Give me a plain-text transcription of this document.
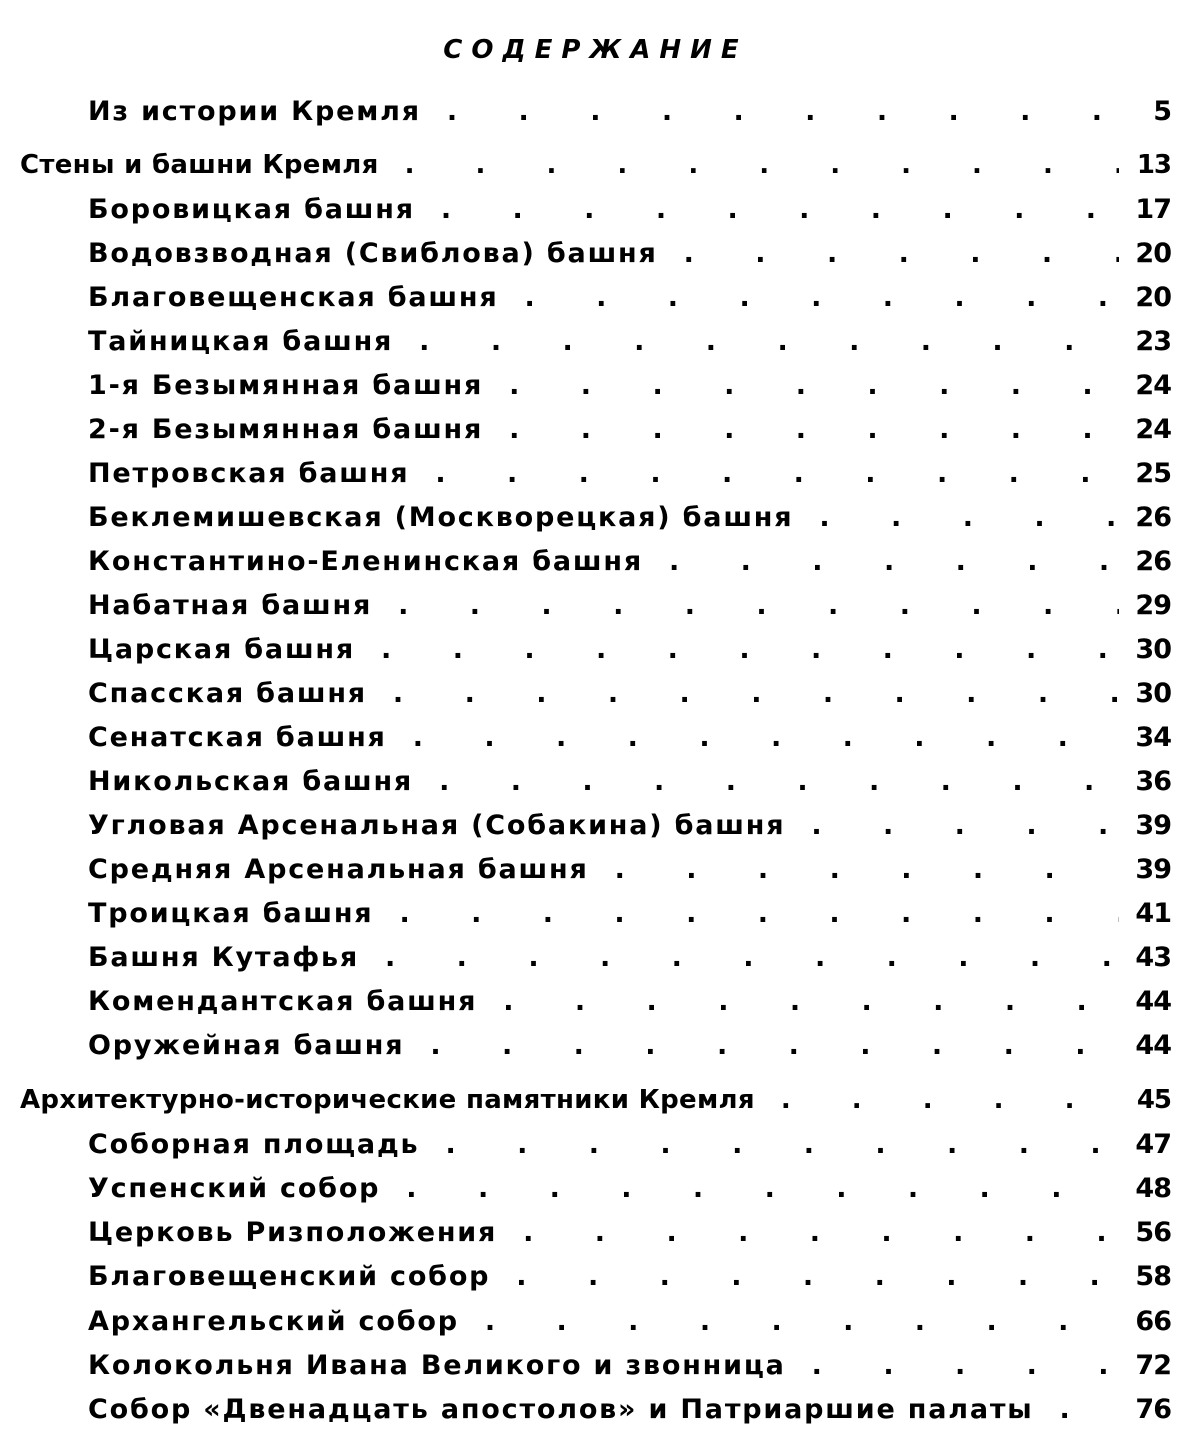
СОДЕРЖАНИЕ
Из истории Кремля . . .	5
Стены и башни Кремля . . .	13
Боровицкая башня . . .	17
Водовзводная (Свиблова) башня . . .	20
Благовещенская башня . . .	20
Тайницкая башня . . .	23
1-я Безымянная башня . . .	24
2-я Безымянная башня . . .	24
Петровская башня . . .	25
Беклемишевская (Москворецкая) башня . . .	26
Константино-Еленинская башня . . .	26
Набатная башня . . .	29
Царская башня . . .	30
Спасская башня . . .	30
Сенатская башня . . .	34
Никольская башня . . .	36
Угловая Арсенальная (Собакина) башня . . .	39
Средняя Арсенальная башня . . .	39
Троицкая башня . . .	41
Башня Кутафья . . .	43
Комендантская башня . . .	44
Оружейная башня . . .	44
Архитектурно-исторические памятники Кремля . . .	45
Соборная площадь . . .	47
Успенский собор . . .	48
Церковь Ризположения . . .	56
Благовещенский собор . . .	58
Архангельский собор . . .	66
Колокольня Ивана Великого и звонница . . .	72
Собор «Двенадцать апостолов» и Патриаршие палаты . . .	76
